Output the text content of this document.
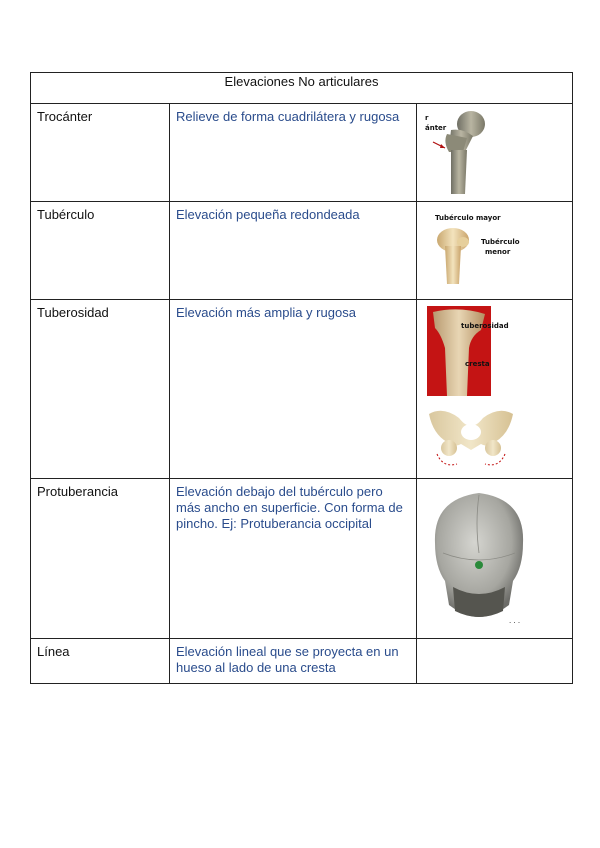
Elevaciones No articulares		
Trocánter	Relieve de forma cuadrilátera y rugosa	r
ánter

Tubérculo	Elevación pequeña redondeada	Tubérculo mayor
Tubérculo
menor

Tuberosidad	Elevación más amplia y rugosa	tuberosidad
cresta

Protuberancia	Elevación debajo del tubérculo pero más ancho en superficie. Con forma de pincho. Ej: Protuberancia occipital	· · ·

Línea	Elevación lineal que se proyecta en un hueso al lado de una cresta	
